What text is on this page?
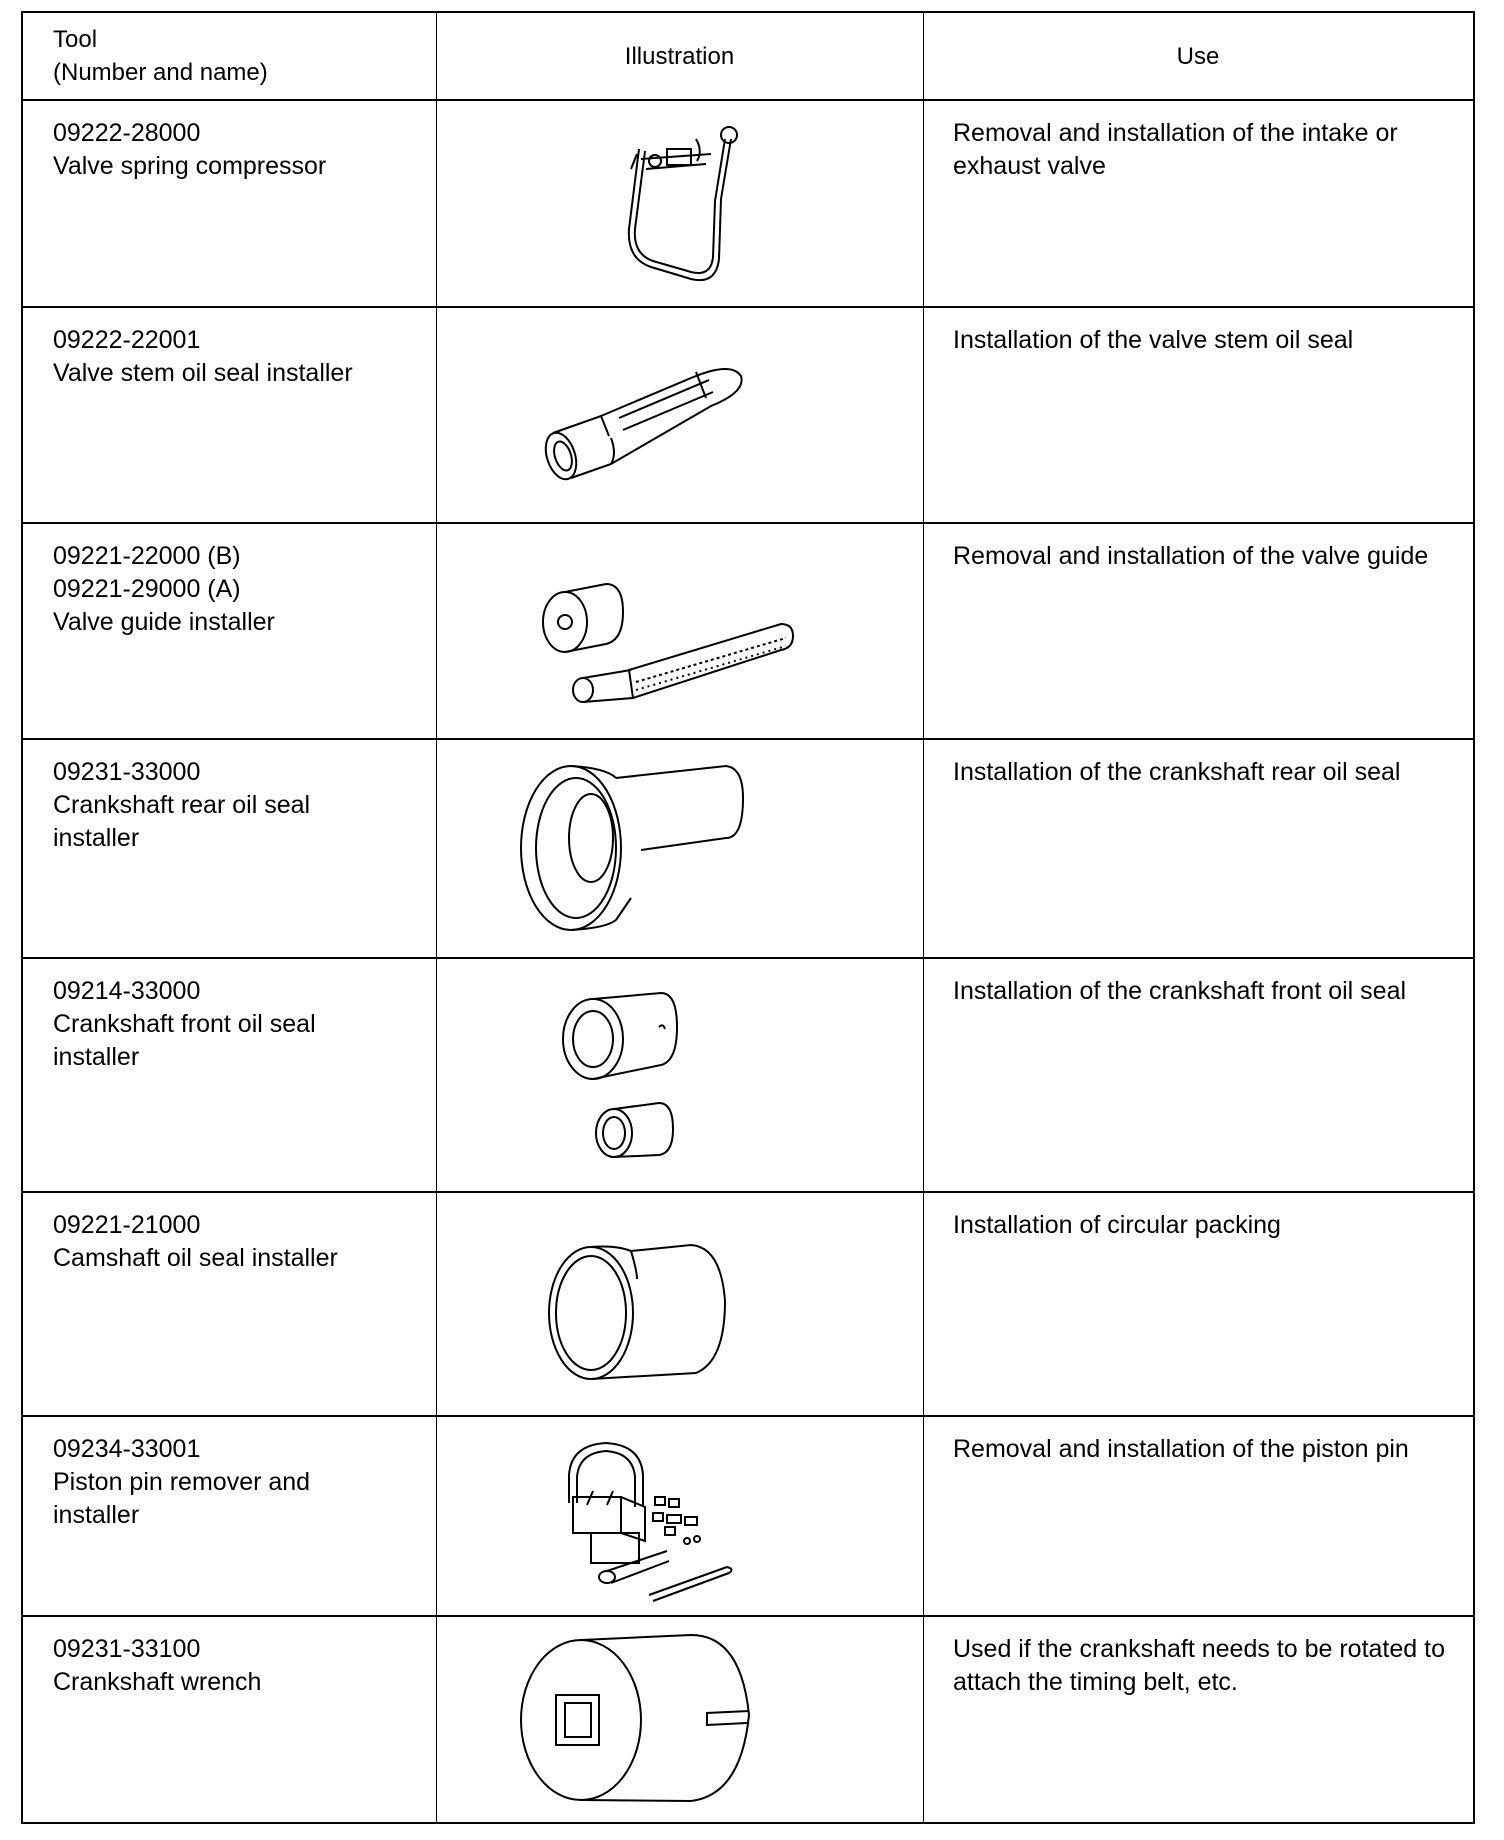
Tool
(Number and name)
Illustration	Use
09222-28000
Valve spring compressor
Removal and installation of the intake or exhaust valve
09222-22001
Valve stem oil seal installer
Installation of the valve stem oil seal
09221-22000 (B)
09221-29000 (A)
Valve guide installer
Removal and installation of the valve guide
09231-33000
Crankshaft rear oil seal
installer
Installation of the crankshaft rear oil seal
09214-33000
Crankshaft front oil seal
installer
Installation of the crankshaft front oil seal
09221-21000
Camshaft oil seal installer
Installation of circular packing
09234-33001
Piston pin remover and
installer
Removal and installation of the piston pin
09231-33100
Crankshaft wrench
Used if the crankshaft needs to be rotated to attach the timing belt, etc.
